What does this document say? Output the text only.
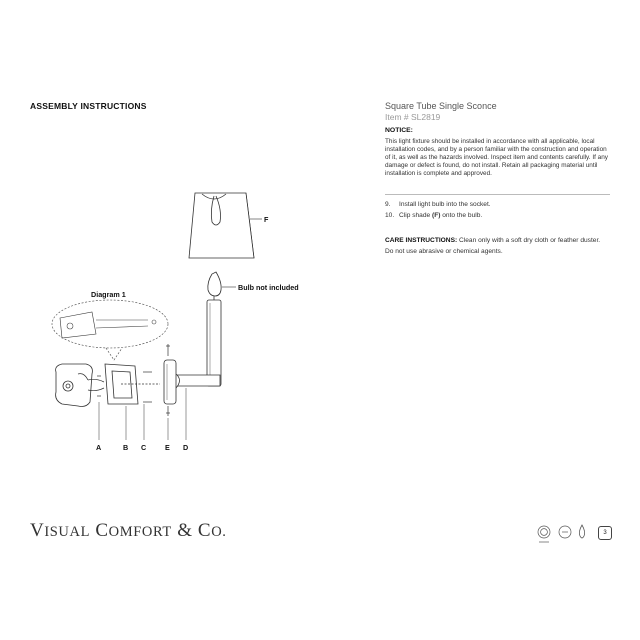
ASSEMBLY INSTRUCTIONS	Square Tube Single Sconce
Item # SL2819
NOTICE:
This light fixture should be installed in accordance with all applicable, local installation codes, and by a person familiar with the construction and operation of it, as well as the hazards involved. Inspect item and contents carefully. If any damage or defect is found, do not install. Retain all packaging material until installation is complete and approved.
9. Install light bulb into the socket.
10. Clip shade (F) onto the bulb.
CARE INSTRUCTIONS: Clean only with a soft dry cloth or feather duster. Do not use abrasive or chemical agents.
F
Bulb not included
Diagram 1
A	B C	E D
VISUAL COMFORT & CO.	3
